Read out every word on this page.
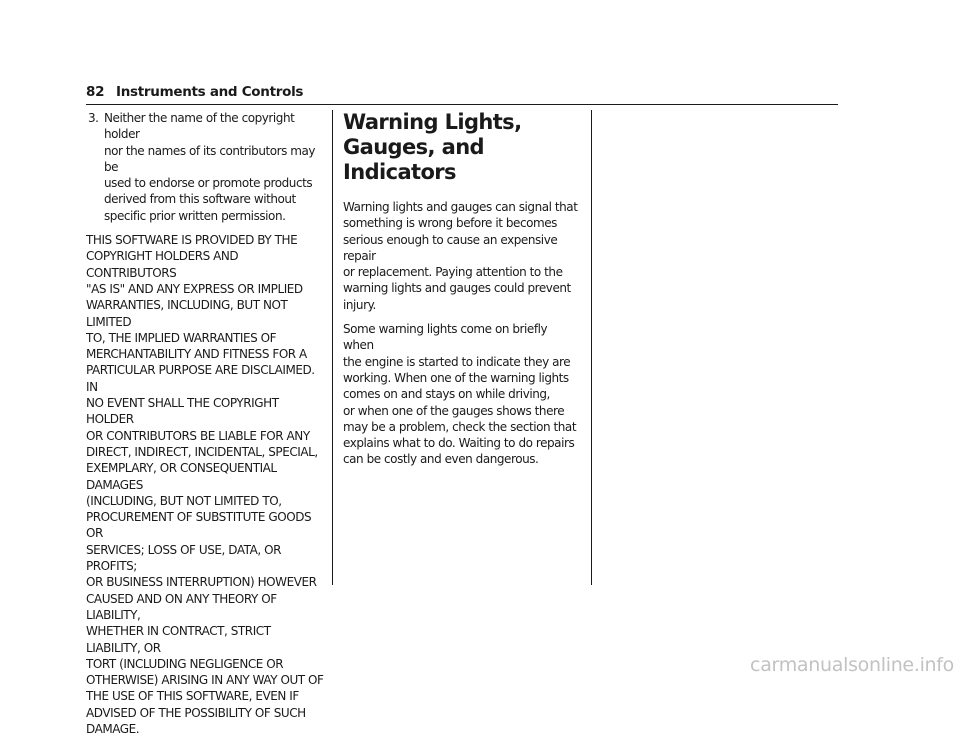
82 Instruments and Controls
3. Neither the name of the copyright holder
nor the names of its contributors may be
used to endorse or promote products
derived from this software without
specific prior written permission.

THIS SOFTWARE IS PROVIDED BY THE
COPYRIGHT HOLDERS AND CONTRIBUTORS
"AS IS" AND ANY EXPRESS OR IMPLIED
WARRANTIES, INCLUDING, BUT NOT LIMITED
TO, THE IMPLIED WARRANTIES OF
MERCHANTABILITY AND FITNESS FOR A
PARTICULAR PURPOSE ARE DISCLAIMED. IN
NO EVENT SHALL THE COPYRIGHT HOLDER
OR CONTRIBUTORS BE LIABLE FOR ANY
DIRECT, INDIRECT, INCIDENTAL, SPECIAL,
EXEMPLARY, OR CONSEQUENTIAL DAMAGES
(INCLUDING, BUT NOT LIMITED TO,
PROCUREMENT OF SUBSTITUTE GOODS OR
SERVICES; LOSS OF USE, DATA, OR PROFITS;
OR BUSINESS INTERRUPTION) HOWEVER
CAUSED AND ON ANY THEORY OF LIABILITY,
WHETHER IN CONTRACT, STRICT LIABILITY, OR
TORT (INCLUDING NEGLIGENCE OR
OTHERWISE) ARISING IN ANY WAY OUT OF
THE USE OF THIS SOFTWARE, EVEN IF
ADVISED OF THE POSSIBILITY OF SUCH
DAMAGE.

Warning Lights, Gauges, and
Indicators

Warning lights and gauges can signal that
something is wrong before it becomes
serious enough to cause an expensive repair
or replacement. Paying attention to the
warning lights and gauges could prevent
injury.

Some warning lights come on briefly when
the engine is started to indicate they are
working. When one of the warning lights
comes on and stays on while driving,
or when one of the gauges shows there
may be a problem, check the section that
explains what to do. Waiting to do repairs
can be costly and even dangerous.

carmanualsonline.info
